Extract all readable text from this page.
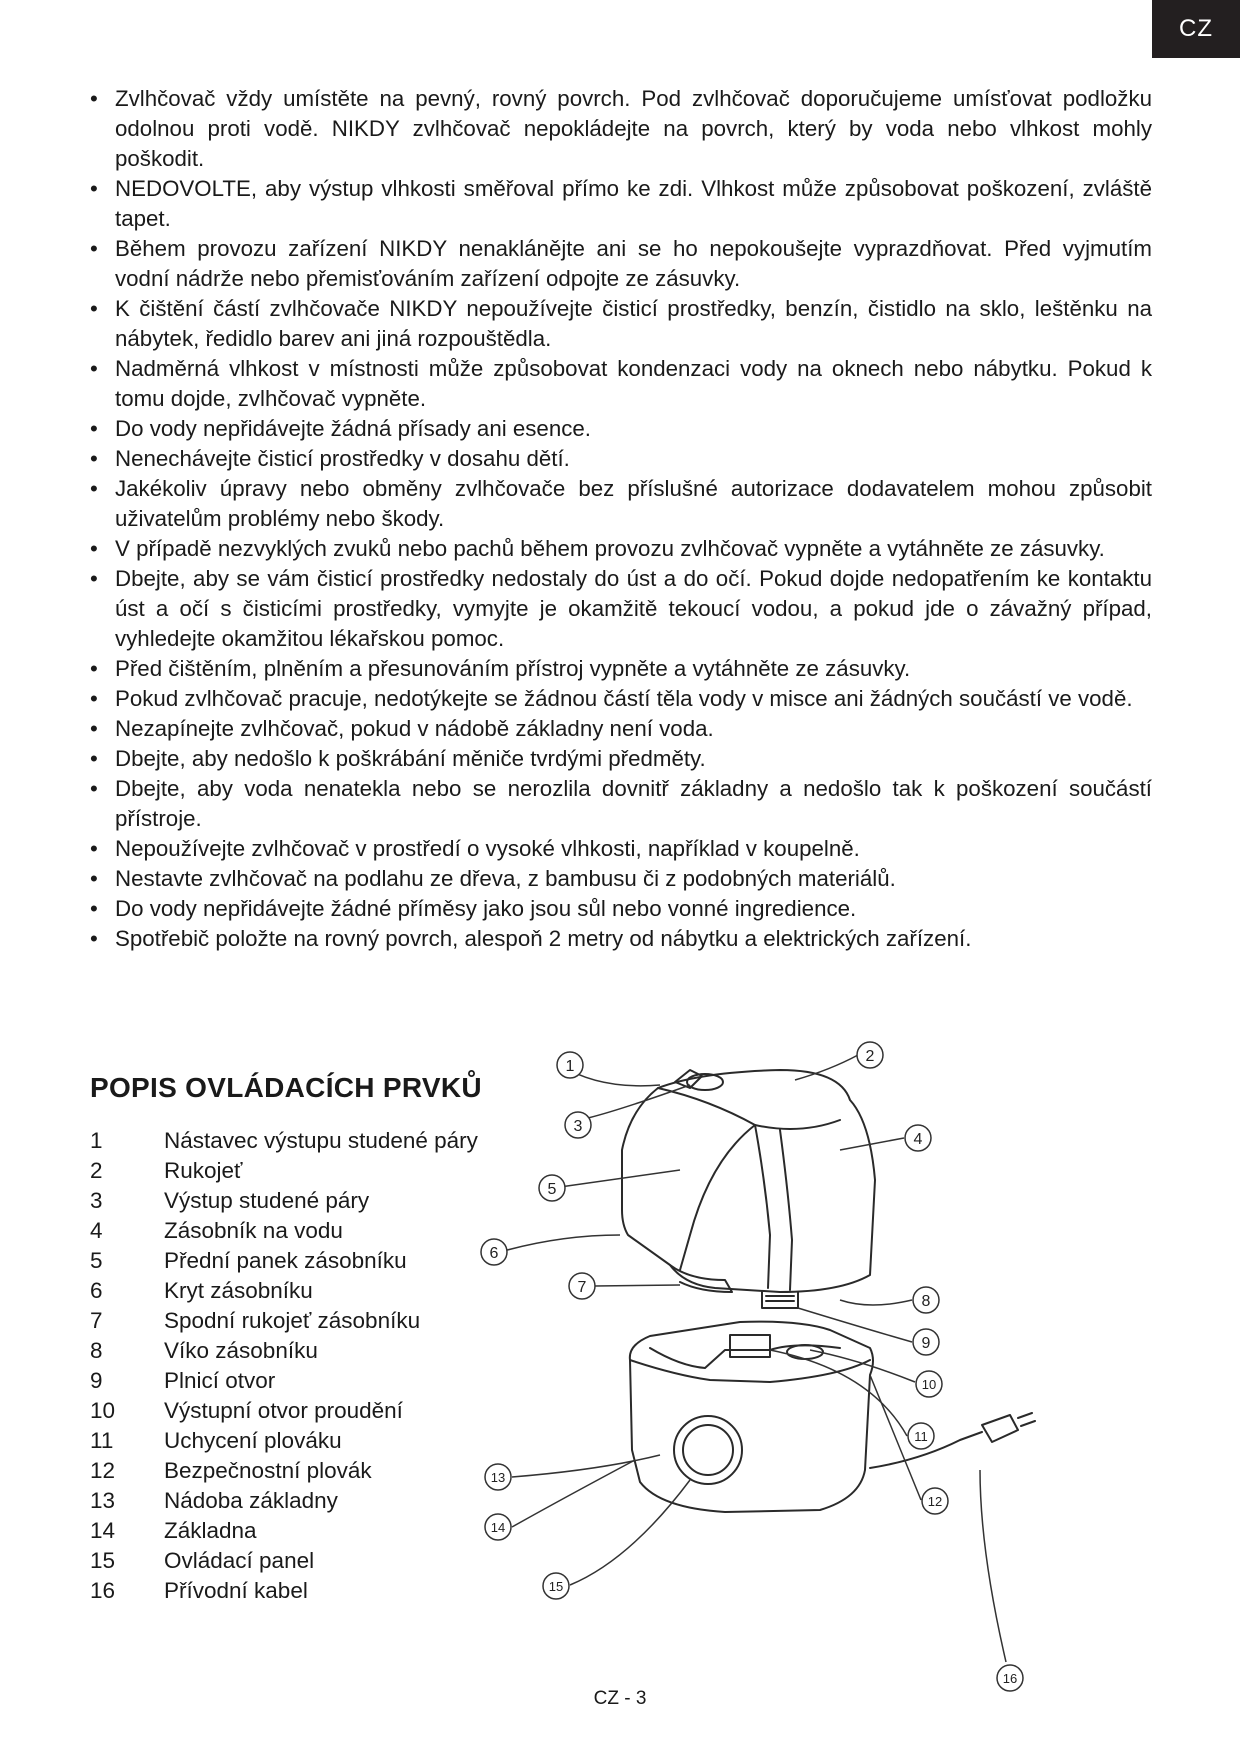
CZ
• Zvlhčovač vždy umístěte na pevný, rovný povrch. Pod zvlhčovač doporučujeme umísťovat podložku odolnou proti vodě. NIKDY zvlhčovač nepokládejte na povrch, který by voda nebo vlhkost mohly poškodit.
• NEDOVOLTE, aby výstup vlhkosti směřoval přímo ke zdi. Vlhkost může způsobovat poškození, zvláště tapet.
• Během provozu zařízení NIKDY nenaklánějte ani se ho nepokoušejte vyprazdňovat. Před vyjmutím vodní nádrže nebo přemisťováním zařízení odpojte ze zásuvky.
• K čištění částí zvlhčovače NIKDY nepoužívejte čisticí prostředky, benzín, čistidlo na sklo, leštěnku na nábytek, ředidlo barev ani jiná rozpouštědla.
• Nadměrná vlhkost v místnosti může způsobovat kondenzaci vody na oknech nebo nábytku. Pokud k tomu dojde, zvlhčovač vypněte.
• Do vody nepřidávejte žádná přísady ani esence.
• Nenechávejte čisticí prostředky v dosahu dětí.
• Jakékoliv úpravy nebo obměny zvlhčovače bez příslušné autorizace dodavatelem mohou způsobit uživatelům problémy nebo škody.
• V případě nezvyklých zvuků nebo pachů během provozu zvlhčovač vypněte a vytáhněte ze zásuvky.
• Dbejte, aby se vám čisticí prostředky nedostaly do úst a do očí. Pokud dojde nedopatřením ke kontaktu úst a očí s čisticími prostředky, vymyjte je okamžitě tekoucí vodou, a pokud jde o závažný případ, vyhledejte okamžitou lékařskou pomoc.
• Před čištěním, plněním a přesunováním přístroj vypněte a vytáhněte ze zásuvky.
• Pokud zvlhčovač pracuje, nedotýkejte se žádnou částí těla vody v misce ani žádných součástí ve vodě.
• Nezapínejte zvlhčovač, pokud v nádobě základny není voda.
• Dbejte, aby nedošlo k poškrábání měniče tvrdými předměty.
• Dbejte, aby voda nenatekla nebo se nerozlila dovnitř základny a nedošlo tak k poškození součástí přístroje.
• Nepoužívejte zvlhčovač v prostředí o vysoké vlhkosti, například v koupelně.
• Nestavte zvlhčovač na podlahu ze dřeva, z bambusu či z podobných materiálů.
• Do vody nepřidávejte žádné příměsy jako jsou sůl nebo vonné ingredience.
• Spotřebič položte na rovný povrch, alespoň 2 metry od nábytku a elektrických zařízení.
POPIS OVLÁDACÍCH PRVKŮ
1	Nástavec výstupu studené páry
2	Rukojeť
3	Výstup studené páry
4	Zásobník na vodu
5	Přední panek zásobníku
6	Kryt zásobníku
7	Spodní rukojeť zásobníku
8	Víko zásobníku
9	Plnicí otvor
10	Výstupní otvor proudění
11	Uchycení plováku
12	Bezpečnostní plovák
13	Nádoba základny
14	Základna
15	Ovládací panel
16	Přívodní kabel
1
2
3
4
5
6
7
8
9
10
11
12
13
14
15
16
CZ - 3
